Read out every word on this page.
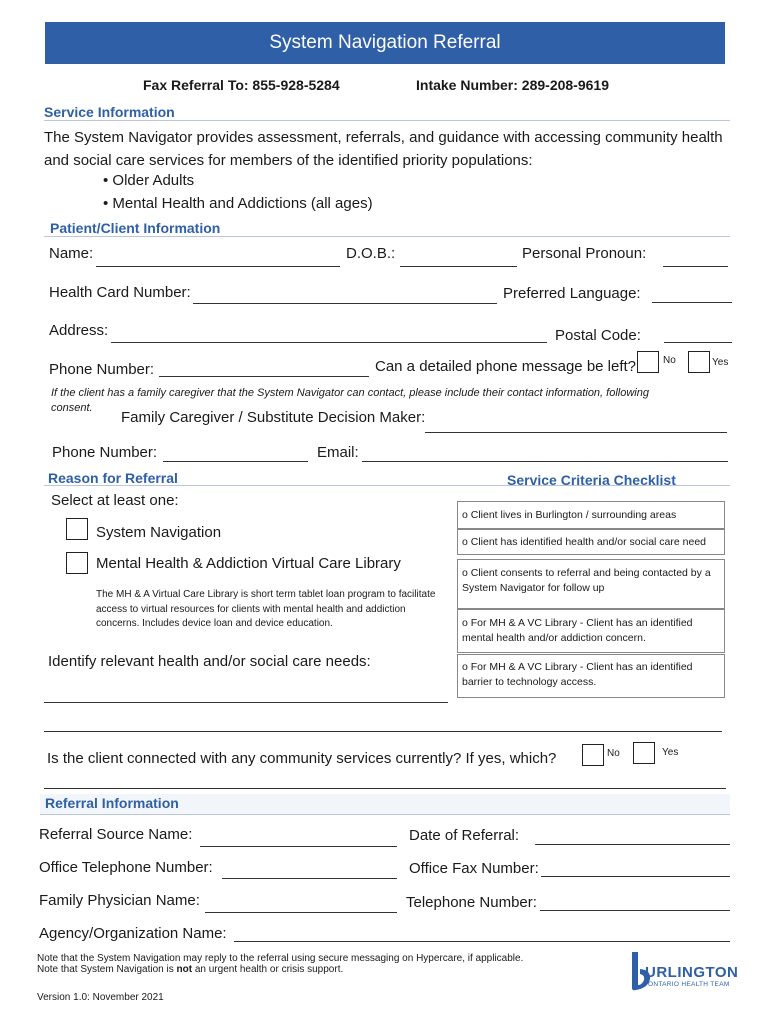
System Navigation Referral
Fax Referral To: 855-928-5284	Intake Number: 289-208-9619
Service Information
The System Navigator provides assessment, referrals, and guidance with accessing community health and social care services for members of the identified priority populations:
• Older Adults
• Mental Health and Addictions (all ages)
Patient/Client Information
Name:	D.O.B.:	Personal Pronoun:
Health Card Number:	Preferred Language:
Address:	Postal Code:
Phone Number:	Can a detailed phone message be left?	No	Yes
If the client has a family caregiver that the System Navigator can contact, please include their contact information, following
consent.
Family Caregiver / Substitute Decision Maker:
Phone Number:	Email:
Reason for Referral	Service Criteria Checklist
Select at least one:
System Navigation
Mental Health & Addiction Virtual Care Library
The MH & A Virtual Care Library is short term tablet loan program to facilitate access to virtual resources for clients with mental health and addiction concerns. Includes device loan and device education.
o Client lives in Burlington / surrounding areas
o Client has identified health and/or social care need
o Client consents to referral and being contacted by a System Navigator for follow up
o For MH & A VC Library - Client has an identified mental health and/or addiction concern.
o For MH & A VC Library - Client has an identified barrier to technology access.
Identify relevant health and/or social care needs:
Is the client connected with any community services currently? If yes, which?	No	Yes
Referral Information
Referral Source Name:	Date of Referral:
Office Telephone Number:	Office Fax Number:
Family Physician Name:	Telephone Number:
Agency/Organization Name:
Note that the System Navigation may reply to the referral using secure messaging on Hypercare, if applicable.
Note that System Navigation is not an urgent health or crisis support.
Version 1.0: November 2021
URLINGTON
ONTARIO HEALTH TEAM
